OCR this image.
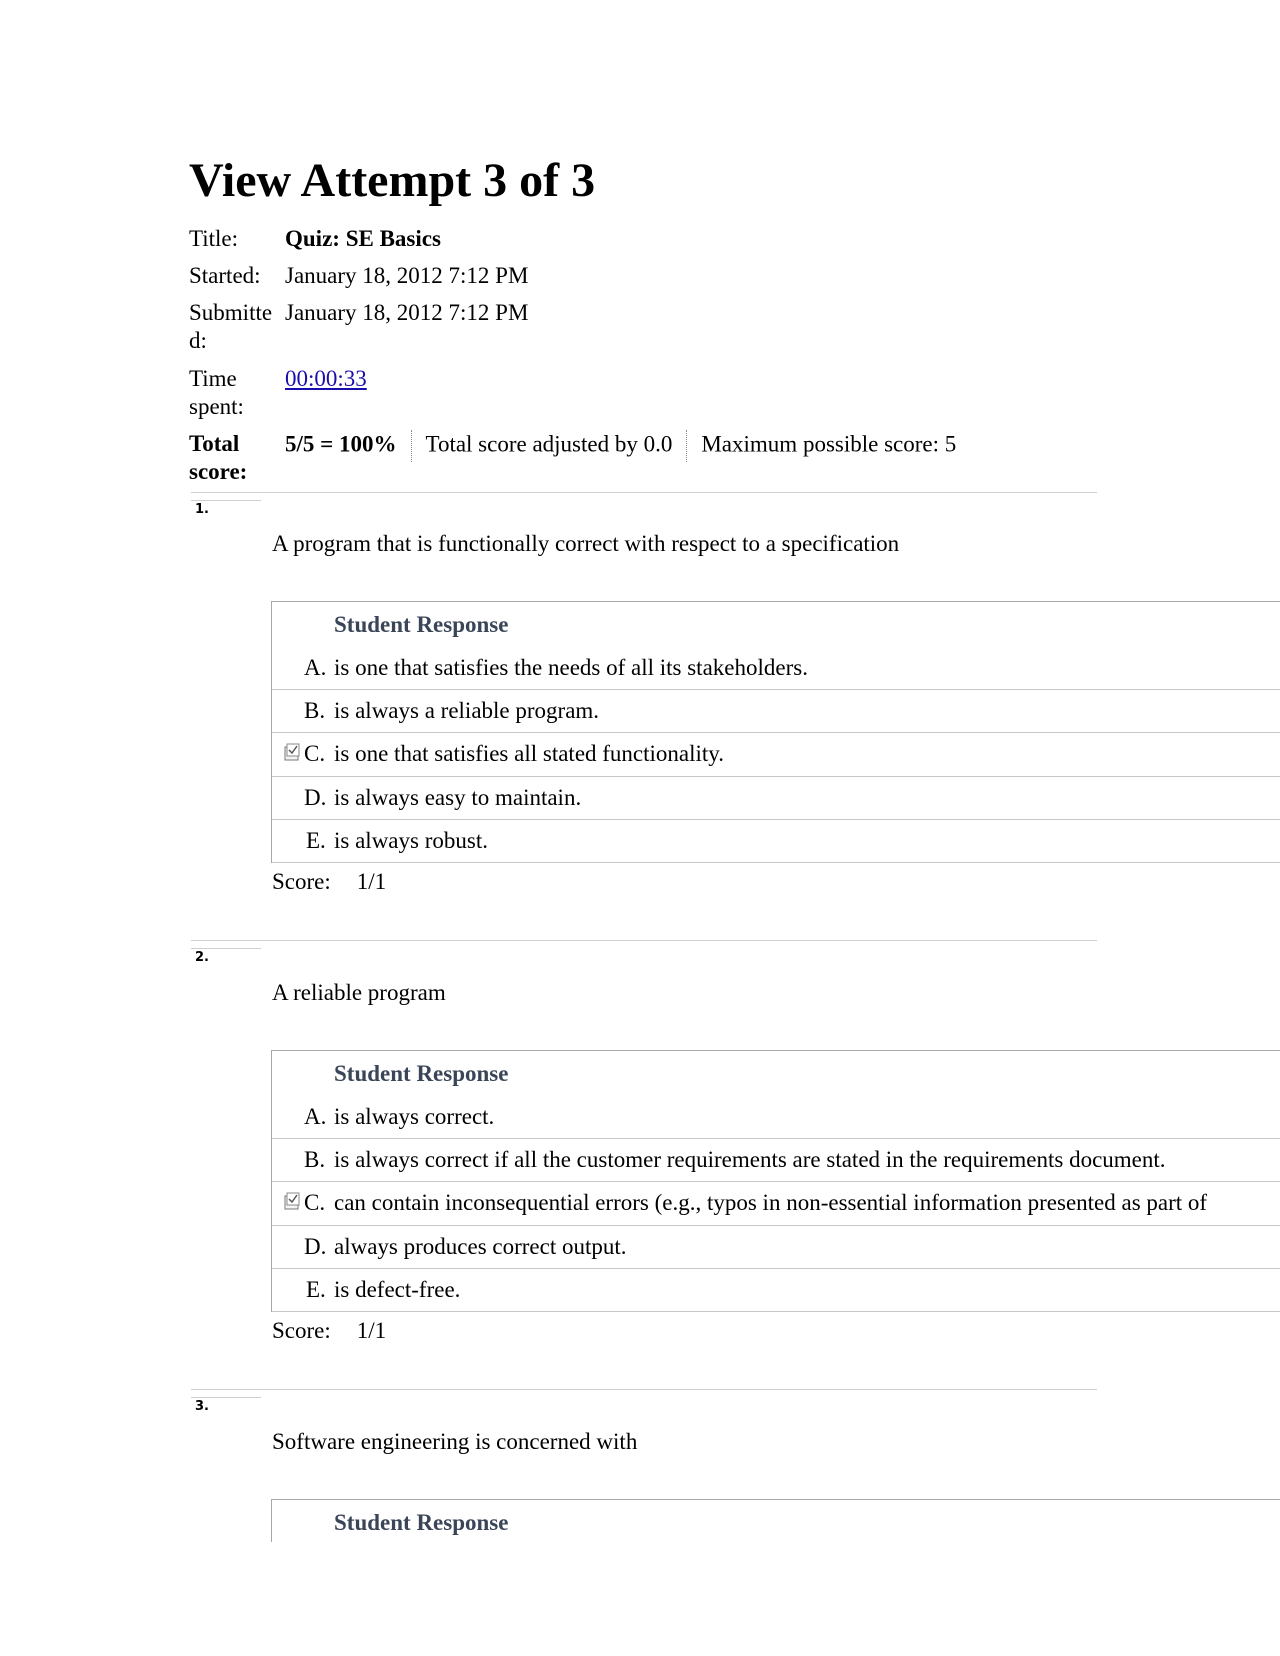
View Attempt 3 of 3
Title:	Quiz: SE Basics
Started:	January 18, 2012 7:12 PM
Submitte
d:
January 18, 2012 7:12 PM
Time
spent:
00:00:33
Total
score:
5/5 = 100% Total score adjusted by 0.0 Maximum possible score: 5
1.
A program that is functionally correct with respect to a specification
Student Response
A. is one that satisfies the needs of all its stakeholders.
B. is always a reliable program.
C. is one that satisfies all stated functionality.
D. is always easy to maintain.
E. is always robust.
Score: 1/1
2.
A reliable program
Student Response
A. is always correct.
B. is always correct if all the customer requirements are stated in the requirements document.
C. can contain inconsequential errors (e.g., typos in non-essential information presented as part of
D. always produces correct output.
E. is defect-free.
Score: 1/1
3.
Software engineering is concerned with
Student Response
